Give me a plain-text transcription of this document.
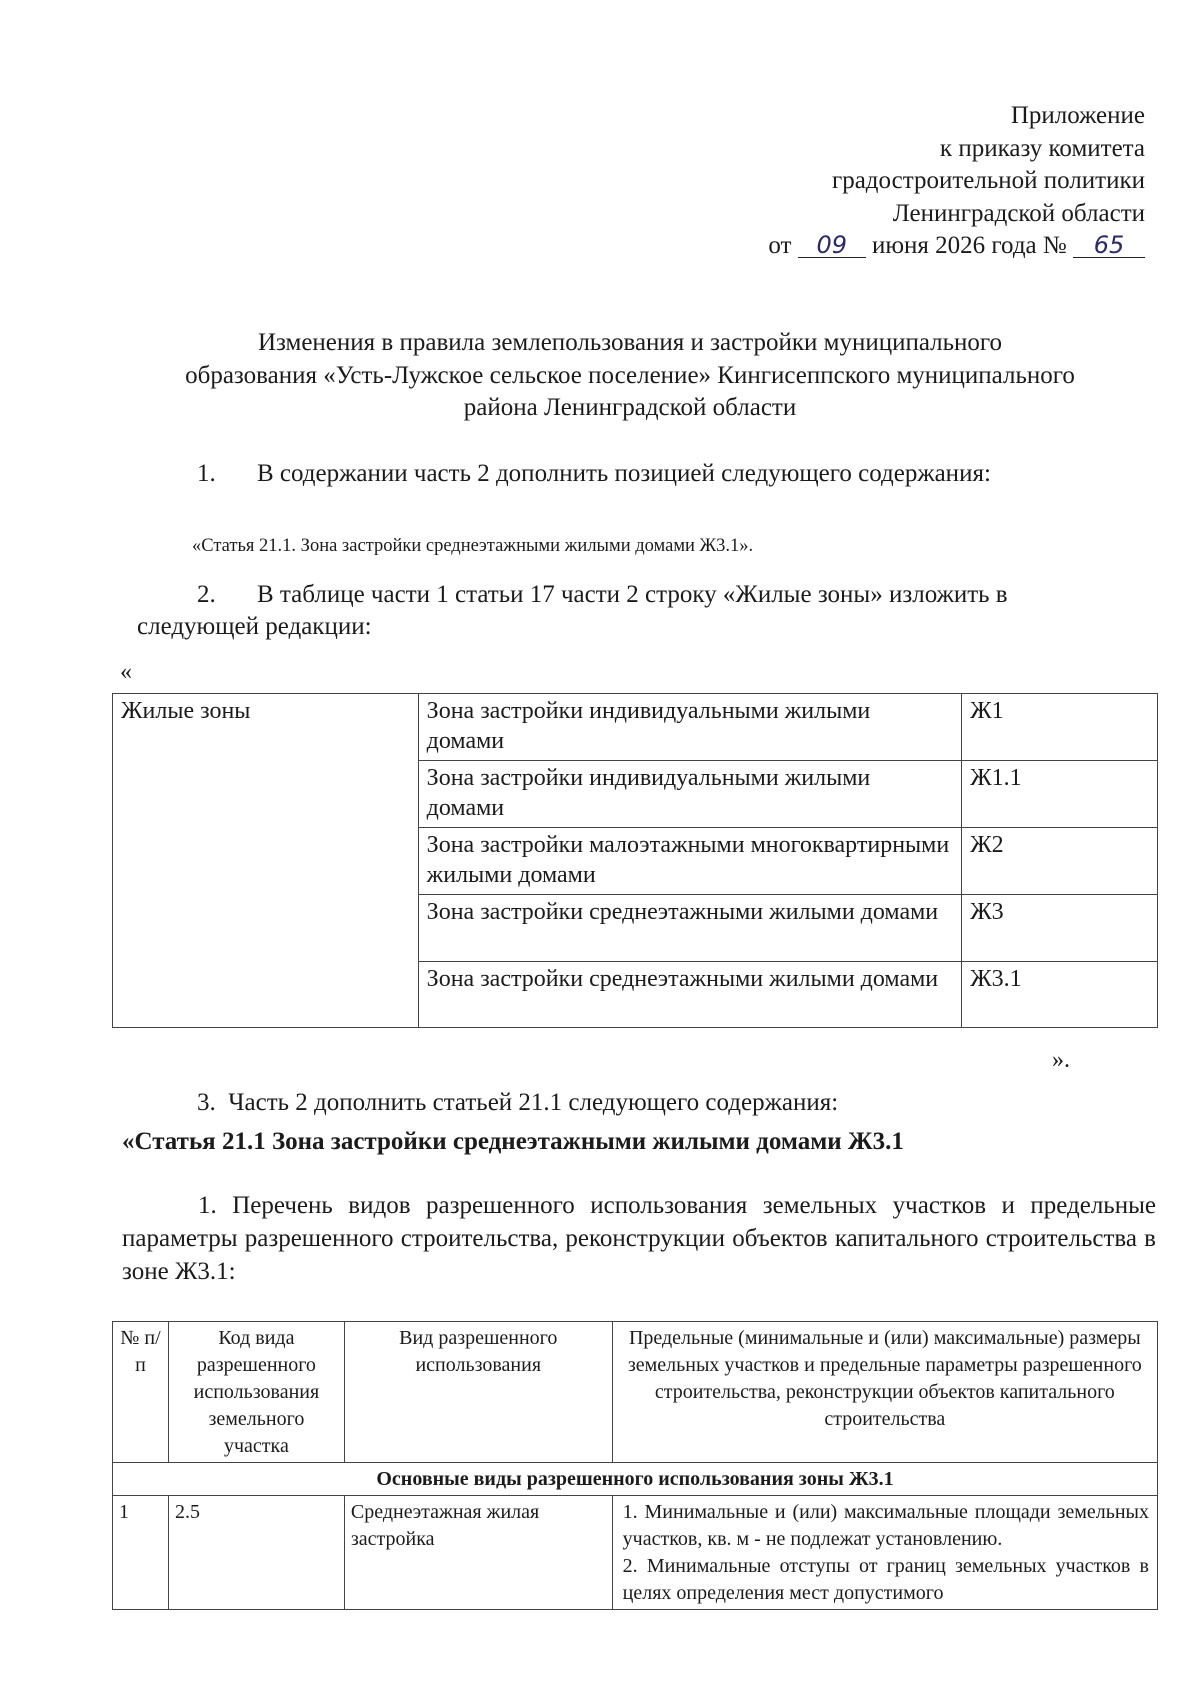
Приложение
к приказу комитета
градостроительной политики
Ленинградской области
от 09 июня 2026 года № 65
Изменения в правила землепользования и застройки муниципального
образования «Усть-Лужское сельское поселение» Кингисеппского муниципального
района Ленинградской области
1. В содержании часть 2 дополнить позицией следующего содержания:
«Статья 21.1. Зона застройки среднеэтажными жилыми домами Ж3.1».
2. В таблице части 1 статьи 17 части 2 строку «Жилые зоны» изложить в
следующей редакции:
«
Жилые зоны	Зона застройки индивидуальными жилыми домами	Ж1
	Зона застройки индивидуальными жилыми домами	Ж1.1
	Зона застройки малоэтажными многоквартирными жилыми домами	Ж2
	Зона застройки среднеэтажными жилыми домами	Ж3
	Зона застройки среднеэтажными жилыми домами	Ж3.1
».
3. Часть 2 дополнить статьей 21.1 следующего содержания:
«Статья 21.1 Зона застройки среднеэтажными жилыми домами Ж3.1
1. Перечень видов разрешенного использования земельных участков и предельные параметры разрешенного строительства, реконструкции объектов капитального строительства в зоне Ж3.1:
№ п/п	Код вида разрешенного использования земельного участка	Вид разрешенного использования	Предельные (минимальные и (или) максимальные) размеры земельных участков и предельные параметры разрешенного строительства, реконструкции объектов капитального строительства
Основные виды разрешенного использования зоны Ж3.1			
1	2.5	Среднеэтажная жилая застройка	1. Минимальные и (или) максимальные площади земельных участков, кв. м - не подлежат установлению.
2. Минимальные отступы от границ земельных участков в целях определения мест допустимого
